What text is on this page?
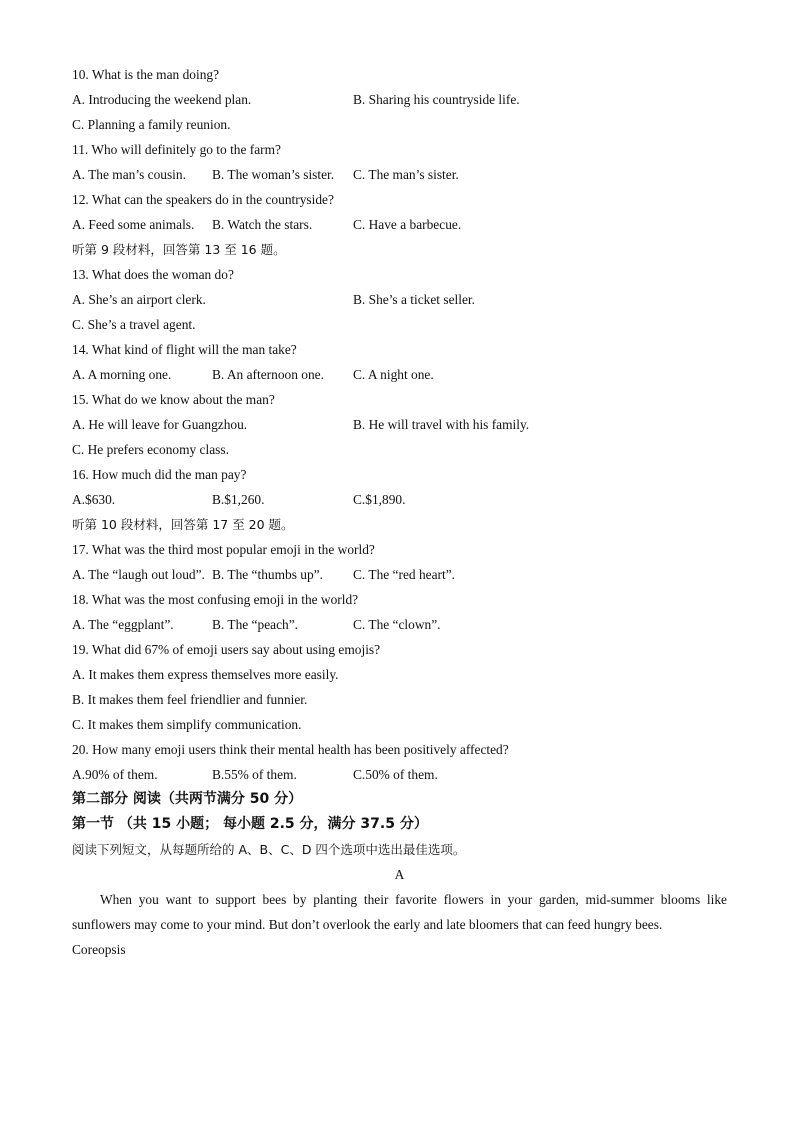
10. What is the man doing?
A. Introducing the weekend plan.	B. Sharing his countryside life.
C. Planning a family reunion.
11. Who will definitely go to the farm?
A. The man’s cousin. B. The woman’s sister. C. The man’s sister.
12. What can the speakers do in the countryside?
A. Feed some animals. B. Watch the stars.	C. Have a barbecue.
听第 9 段材料，回答第 13 至 16 题。
13. What does the woman do?
A. She’s an airport clerk.	B. She’s a ticket seller.
C. She’s a travel agent.
14. What kind of flight will the man take?
A. A morning one.	B. An afternoon one. C. A night one.
15. What do we know about the man?
A. He will leave for Guangzhou.	B. He will travel with his family.
C. He prefers economy class.
16. How much did the man pay?
A.$630.	B.$1,260.	C.$1,890.
听第 10 段材料，回答第 17 至 20 题。
17. What was the third most popular emoji in the world?
A. The “laugh out loud”. B. The “thumbs up”. C. The “red heart”.
18. What was the most confusing emoji in the world?
A. The “eggplant”.	B. The “peach”.	C. The “clown”.
19. What did 67% of emoji users say about using emojis?
A. It makes them express themselves more easily.
B. It makes them feel friendlier and funnier.
C. It makes them simplify communication.
20. How many emoji users think their mental health has been positively affected?
A.90% of them.	B.55% of them.	C.50% of them.
第二部分 阅读（共两节满分 50 分）
第一节 （共 15 小题； 每小题 2.5 分，满分 37.5 分）
阅读下列短文，从每题所给的 A、B、C、D 四个选项中选出最佳选项。
A
When you want to support bees by planting their favorite flowers in your garden, mid-summer blooms like sunflowers may come to your mind. But don’t overlook the early and late bloomers that can feed hungry bees.
Coreopsis
